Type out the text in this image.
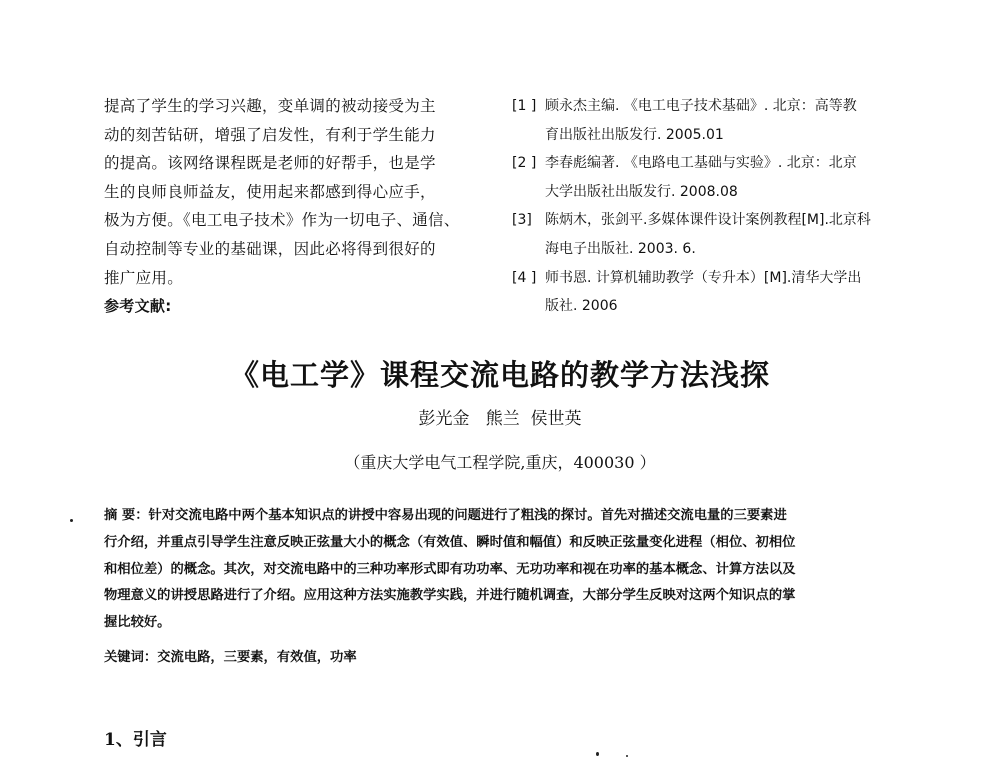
提高了学生的学习兴趣，变单调的被动接受为主
动的刻苦钻研，增强了启发性，有利于学生能力
的提高。该网络课程既是老师的好帮手，也是学
生的良师良师益友，使用起来都感到得心应手，
极为方便。《电工电子技术》作为一切电子、通信、
自动控制等专业的基础课，因此必将得到很好的
推广应用。

参考文献:
[1 ] 顾永杰主编. 《电工电子技术基础》. 北京：高等教
育出版社出版发行. 2005.01
[2 ] 李春彪编著. 《电路电工基础与实验》. 北京：北京
大学出版社出版发行. 2008.08
[3] 陈炳木，张剑平.多媒体课件设计案例教程[M].北京科
海电子出版社. 2003. 6.
[4 ] 师书恩. 计算机辅助教学（专升本）[M].清华大学出
版社. 2006
《电工学》课程交流电路的教学方法浅探
彭光金   熊兰  侯世英
（重庆大学电气工程学院,重庆，400030 ）
摘 要：针对交流电路中两个基本知识点的讲授中容易出现的问题进行了粗浅的探讨。首先对描述交流电量的三要素进
行介绍，并重点引导学生注意反映正弦量大小的概念（有效值、瞬时值和幅值）和反映正弦量变化进程（相位、初相位
和相位差）的概念。其次，对交流电路中的三种功率形式即有功功率、无功功率和视在功率的基本概念、计算方法以及
物理意义的讲授思路进行了介绍。应用这种方法实施教学实践，并进行随机调查，大部分学生反映对这两个知识点的掌
握比较好。
关键词：交流电路，三要素，有效值，功率
1、引言
